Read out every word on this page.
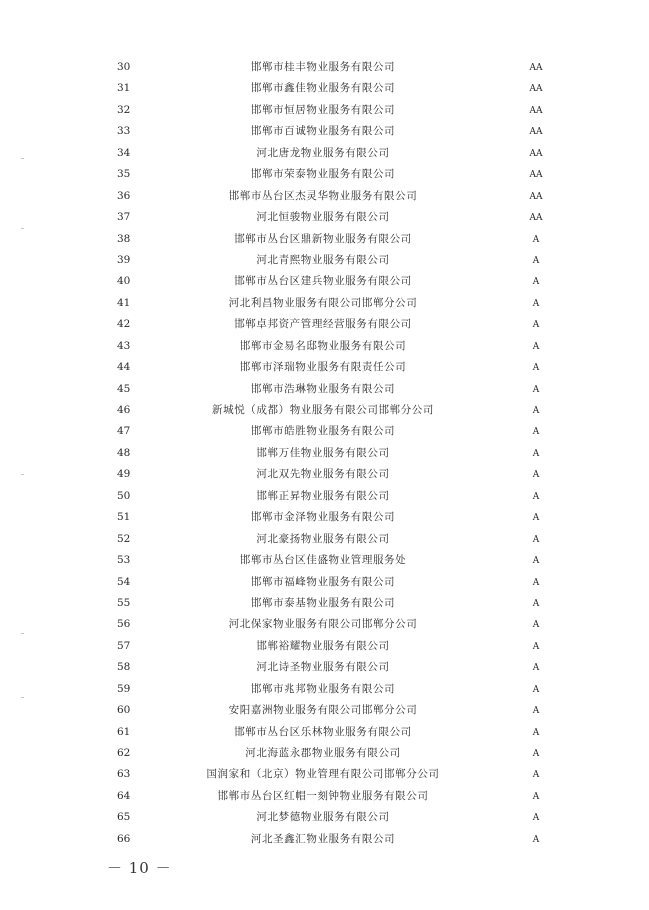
30	邯郸市桂丰物业服务有限公司	AA
31	邯郸市鑫佳物业服务有限公司	AA
32	邯郸市恒居物业服务有限公司	AA
33	邯郸市百诚物业服务有限公司	AA
34	河北唐龙物业服务有限公司	AA
35	邯郸市荣泰物业服务有限公司	AA
36	邯郸市丛台区杰灵华物业服务有限公司	AA
37	河北恒骏物业服务有限公司	AA
38	邯郸市丛台区鼎新物业服务有限公司	A
39	河北青熙物业服务有限公司	A
40	邯郸市丛台区建兵物业服务有限公司	A
41	河北利昌物业服务有限公司邯郸分公司	A
42	邯郸卓邦资产管理经营服务有限公司	A
43	邯郸市金易名邸物业服务有限公司	A
44	邯郸市泽瑞物业服务有限责任公司	A
45	邯郸市浩琳物业服务有限公司	A
46	新城悦（成都）物业服务有限公司邯郸分公司	A
47	邯郸市皓胜物业服务有限公司	A
48	邯郸万佳物业服务有限公司	A
49	河北双先物业服务有限公司	A
50	邯郸正昇物业服务有限公司	A
51	邯郸市金泽物业服务有限公司	A
52	河北豪扬物业服务有限公司	A
53	邯郸市丛台区佳盛物业管理服务处	A
54	邯郸市福峰物业服务有限公司	A
55	邯郸市泰基物业服务有限公司	A
56	河北保家物业服务有限公司邯郸分公司	A
57	邯郸裕耀物业服务有限公司	A
58	河北诗圣物业服务有限公司	A
59	邯郸市兆邦物业服务有限公司	A
60	安阳嘉洲物业服务有限公司邯郸分公司	A
61	邯郸市丛台区乐林物业服务有限公司	A
62	河北海蓝永郡物业服务有限公司	A
63	国润家和（北京）物业管理有限公司邯郸分公司	A
64	邯郸市丛台区红帽一刻钟物业服务有限公司	A
65	河北梦德物业服务有限公司	A
66	河北圣鑫汇物业服务有限公司	A
－ 10 －
